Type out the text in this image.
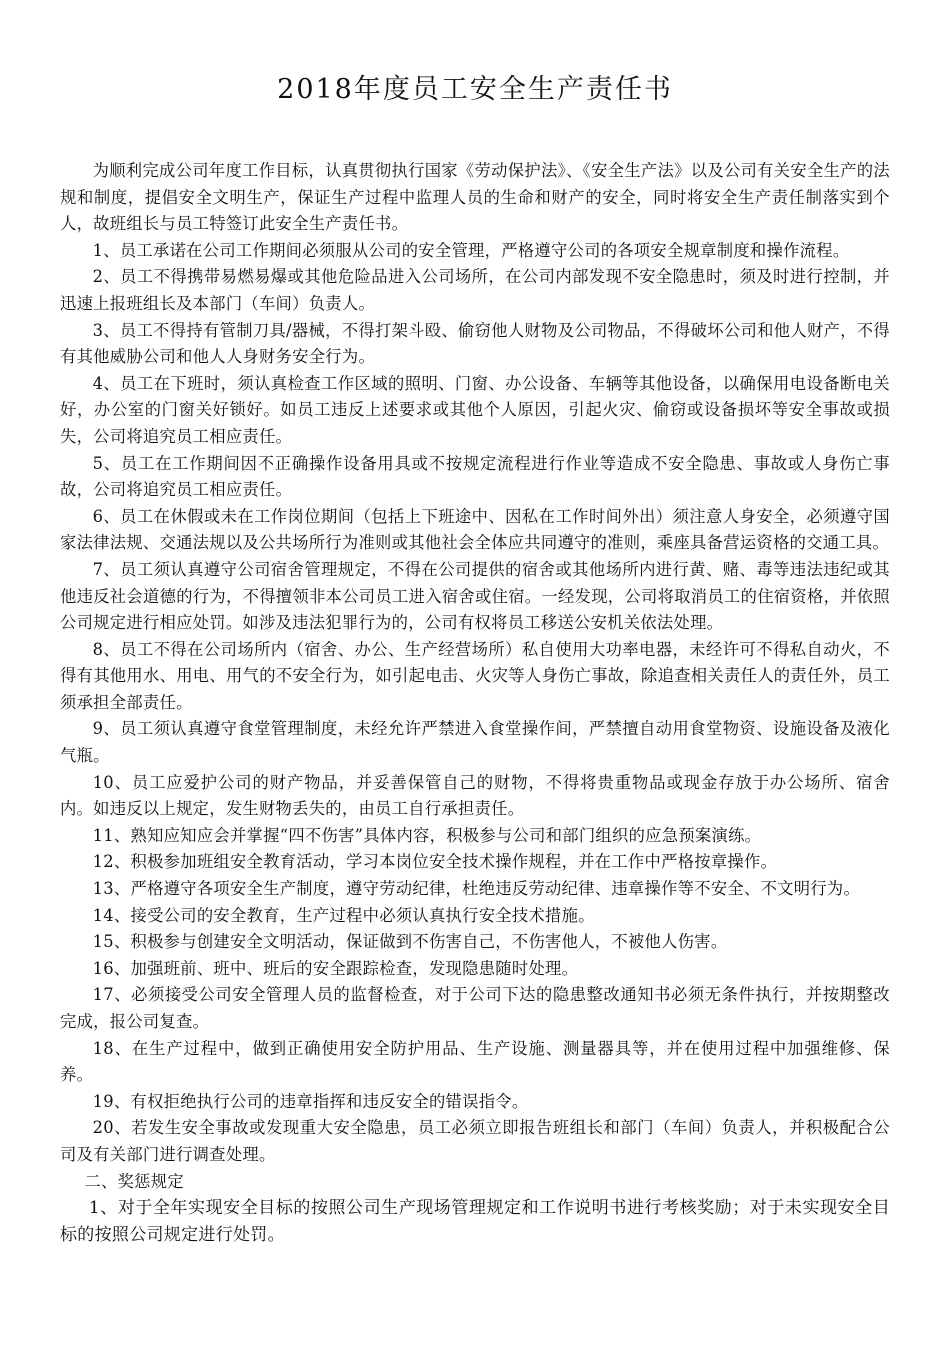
2018年度员工安全生产责任书

为顺利完成公司年度工作目标，认真贯彻执行国家《劳动保护法》、《安全生产法》以及公司有关安全生产的法规和制度，提倡安全文明生产，保证生产过程中监理人员的生命和财产的安全，同时将安全生产责任制落实到个人，故班组长与员工特签订此安全生产责任书。

1、员工承诺在公司工作期间必须服从公司的安全管理，严格遵守公司的各项安全规章制度和操作流程。

2、员工不得携带易燃易爆或其他危险品进入公司场所，在公司内部发现不安全隐患时，须及时进行控制，并迅速上报班组长及本部门（车间）负责人。

3、员工不得持有管制刀具/器械，不得打架斗殴、偷窃他人财物及公司物品，不得破坏公司和他人财产，不得有其他威胁公司和他人人身财务安全行为。

4、员工在下班时，须认真检查工作区域的照明、门窗、办公设备、车辆等其他设备，以确保用电设备断电关好，办公室的门窗关好锁好。如员工违反上述要求或其他个人原因，引起火灾、偷窃或设备损坏等安全事故或损失，公司将追究员工相应责任。

5、员工在工作期间因不正确操作设备用具或不按规定流程进行作业等造成不安全隐患、事故或人身伤亡事故，公司将追究员工相应责任。

6、员工在休假或未在工作岗位期间（包括上下班途中、因私在工作时间外出）须注意人身安全，必须遵守国家法律法规、交通法规以及公共场所行为准则或其他社会全体应共同遵守的准则，乘座具备营运资格的交通工具。

7、员工须认真遵守公司宿舍管理规定，不得在公司提供的宿舍或其他场所内进行黄、赌、毒等违法违纪或其他违反社会道德的行为，不得擅领非本公司员工进入宿舍或住宿。一经发现，公司将取消员工的住宿资格，并依照公司规定进行相应处罚。如涉及违法犯罪行为的，公司有权将员工移送公安机关依法处理。

8、员工不得在公司场所内（宿舍、办公、生产经营场所）私自使用大功率电器，未经许可不得私自动火，不得有其他用水、用电、用气的不安全行为，如引起电击、火灾等人身伤亡事故，除追查相关责任人的责任外，员工须承担全部责任。

9、员工须认真遵守食堂管理制度，未经允许严禁进入食堂操作间，严禁擅自动用食堂物资、设施设备及液化气瓶。

10、员工应爱护公司的财产物品，并妥善保管自己的财物，不得将贵重物品或现金存放于办公场所、宿舍内。如违反以上规定，发生财物丢失的，由员工自行承担责任。

11、熟知应知应会并掌握“四不伤害”具体内容，积极参与公司和部门组织的应急预案演练。

12、积极参加班组安全教育活动，学习本岗位安全技术操作规程，并在工作中严格按章操作。

13、严格遵守各项安全生产制度，遵守劳动纪律，杜绝违反劳动纪律、违章操作等不安全、不文明行为。

14、接受公司的安全教育，生产过程中必须认真执行安全技术措施。

15、积极参与创建安全文明活动，保证做到不伤害自己，不伤害他人，不被他人伤害。

16、加强班前、班中、班后的安全跟踪检查，发现隐患随时处理。

17、必须接受公司安全管理人员的监督检查，对于公司下达的隐患整改通知书必须无条件执行，并按期整改完成，报公司复查。

18、在生产过程中，做到正确使用安全防护用品、生产设施、测量器具等，并在使用过程中加强维修、保养。

19、有权拒绝执行公司的违章指挥和违反安全的错误指令。

20、若发生安全事故或发现重大安全隐患，员工必须立即报告班组长和部门（车间）负责人，并积极配合公司及有关部门进行调查处理。

二、奖惩规定

1、对于全年实现安全目标的按照公司生产现场管理规定和工作说明书进行考核奖励；对于未实现安全目标的按照公司规定进行处罚。
